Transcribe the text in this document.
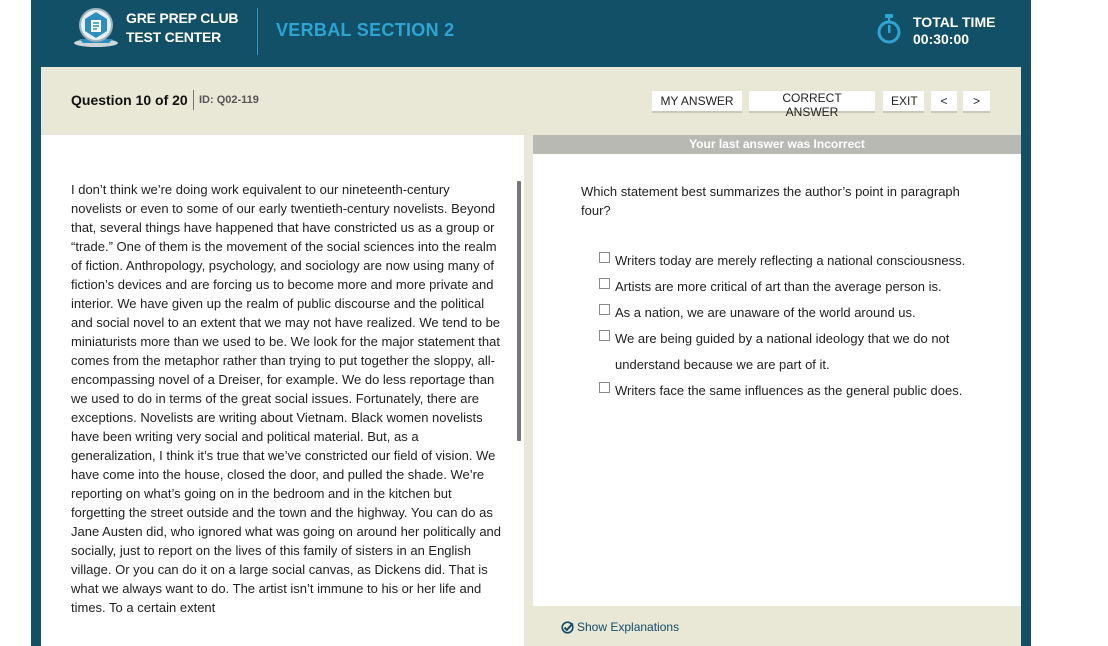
GRE PREP CLUB
TEST CENTER	VERBAL SECTION 2	TOTAL TIME
00:30:00
Question 10 of 20 ID: Q02-119	MY ANSWER	CORRECT ANSWER
EXIT	<	>
I don’t think we’re doing work equivalent to our nineteenth-century novelists or even to some of our early twentieth-century novelists. Beyond that, several things have happened that have constricted us as a group or “trade.” One of them is the movement of the social sciences into the realm of fiction. Anthropology, psychology, and sociology are now using many of fiction’s devices and are forcing us to become more and more private and interior. We have given up the realm of public discourse and the political and social novel to an extent that we may not have realized. We tend to be miniaturists more than we used to be. We look for the major statement that comes from the metaphor rather than trying to put together the sloppy, all-encompassing novel of a Dreiser, for example. We do less reportage than we used to do in terms of the great social issues. Fortunately, there are exceptions. Novelists are writing about Vietnam. Black women novelists have been writing very social and political material. But, as a generalization, I think it’s true that we’ve constricted our field of vision. We have come into the house, closed the door, and pulled the shade. We’re reporting on what’s going on in the bedroom and in the kitchen but forgetting the street outside and the town and the highway. You can do as Jane Austen did, who ignored what was going on around her politically and socially, just to report on the lives of this family of sisters in an English village. Or you can do it on a large social canvas, as Dickens did. That is what we always want to do. The artist isn’t immune to his or her life and times. To a certain extent
Your last answer was Incorrect
Which statement best summarizes the author’s point in paragraph four?
Writers today are merely reflecting a national consciousness.
Artists are more critical of art than the average person is.
As a nation, we are unaware of the world around us.
We are being guided by a national ideology that we do not understand because we are part of it.
Writers face the same influences as the general public does.
Show Explanations
